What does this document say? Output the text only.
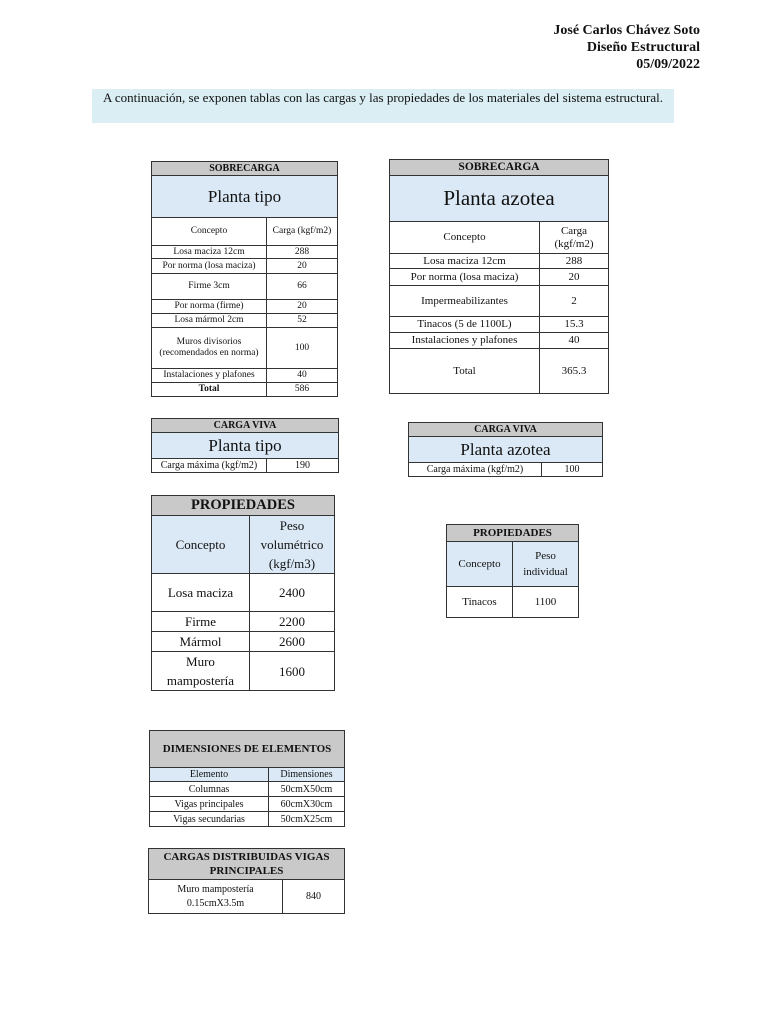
José Carlos Chávez Soto
Diseño Estructural
05/09/2022
A continuación, se exponen tablas con las cargas y las propiedades de los materiales del sistema estructural.
SOBRECARGA	
Planta tipo	
Concepto	Carga (kgf/m2)
Losa maciza 12cm	288
Por norma (losa maciza)	20
Firme 3cm	66
Por norma (firme)	20
Losa mármol 2cm	52
Muros divisorios (recomendados en norma)	100
Instalaciones y plafones	40
Total	586
SOBRECARGA	
Planta azotea	
Concepto	Carga (kgf/m2)
Losa maciza 12cm	288
Por norma (losa maciza)	20
Impermeabilizantes	2
Tinacos (5 de 1100L)	15.3
Instalaciones y plafones	40
Total	365.3
CARGA VIVA
Planta tipo
Carga máxima (kgf/m2)	190
CARGA VIVA
Planta azotea
Carga máxima (kgf/m2)	100
PROPIEDADES	
Concepto	Peso volumétrico (kgf/m3)
Losa maciza	2400
Firme	2200
Mármol	2600
Muro mampostería	1600
PROPIEDADES	
Concepto	Peso individual
Tinacos	1100
DIMENSIONES DE ELEMENTOS	
Elemento	Dimensiones
Columnas	50cmX50cm
Vigas principales	60cmX30cm
Vigas secundarias	50cmX25cm
CARGAS DISTRIBUIDAS VIGAS PRINCIPALES
Muro mampostería 0.15cmX3.5m	840
